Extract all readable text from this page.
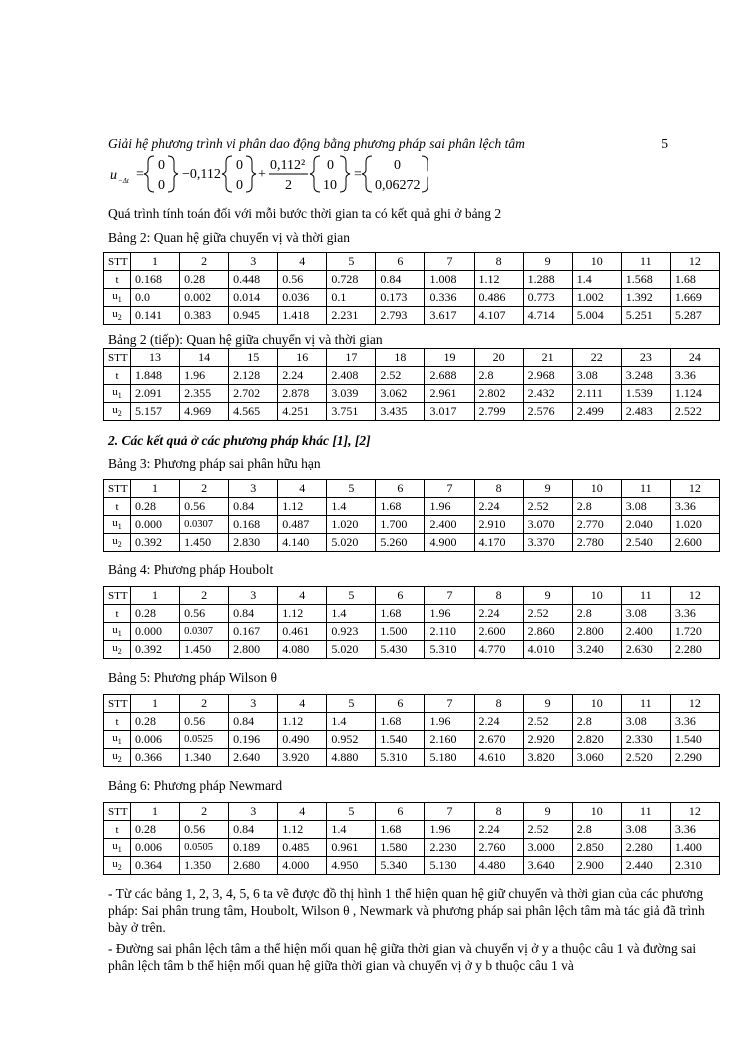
Giải hệ phương trình vi phân dao động bằng phương pháp sai phân lệch tâm	5
u −Δt =
0
0
−0,112
0
0
+
0,112²
2
0
10
=
0
0,06272
Quá trình tính toán đối với mỗi bước thời gian ta có kết quả ghi ở bảng 2
Bảng 2: Quan hệ giữa chuyển vị và thời gian
STT	1	2	3	4	5	6	7	8	9	10	11	12
t	0.168	0.28	0.448	0.56	0.728	0.84	1.008	1.12	1.288	1.4	1.568	1.68
$u_1$	0.0	0.002	0.014	0.036	0.1	0.173	0.336	0.486	0.773	1.002	1.392	1.669
$u_2$	0.141	0.383	0.945	1.418	2.231	2.793	3.617	4.107	4.714	5.004	5.251	5.287
Bảng 2 (tiếp): Quan hệ giữa chuyển vị và thời gian
STT	13	14	15	16	17	18	19	20	21	22	23	24
t	1.848	1.96	2.128	2.24	2.408	2.52	2.688	2.8	2.968	3.08	3.248	3.36
$u_1$	2.091	2.355	2.702	2.878	3.039	3.062	2.961	2.802	2.432	2.111	1.539	1.124
$u_2$	5.157	4.969	4.565	4.251	3.751	3.435	3.017	2.799	2.576	2.499	2.483	2.522
2. Các kết quả ở các phương pháp khác [1], [2]
Bảng 3: Phương pháp sai phân hữu hạn
STT	1	2	3	4	5	6	7	8	9	10	11	12
t	0.28	0.56	0.84	1.12	1.4	1.68	1.96	2.24	2.52	2.8	3.08	3.36
$u_1$	0.000	0.0307	0.168	0.487	1.020	1.700	2.400	2.910	3.070	2.770	2.040	1.020
$u_2$	0.392	1.450	2.830	4.140	5.020	5.260	4.900	4.170	3.370	2.780	2.540	2.600
Bảng 4: Phương pháp Houbolt
STT	1	2	3	4	5	6	7	8	9	10	11	12
t	0.28	0.56	0.84	1.12	1.4	1.68	1.96	2.24	2.52	2.8	3.08	3.36
$u_1$	0.000	0.0307	0.167	0.461	0.923	1.500	2.110	2.600	2.860	2.800	2.400	1.720
$u_2$	0.392	1.450	2.800	4.080	5.020	5.430	5.310	4.770	4.010	3.240	2.630	2.280
Bảng 5: Phương pháp Wilson θ
STT	1	2	3	4	5	6	7	8	9	10	11	12
t	0.28	0.56	0.84	1.12	1.4	1.68	1.96	2.24	2.52	2.8	3.08	3.36
$u_1$	0.006	0.0525	0.196	0.490	0.952	1.540	2.160	2.670	2.920	2.820	2.330	1.540
$u_2$	0.366	1.340	2.640	3.920	4.880	5.310	5.180	4.610	3.820	3.060	2.520	2.290
Bảng 6: Phương pháp Newmard
STT	1	2	3	4	5	6	7	8	9	10	11	12
t	0.28	0.56	0.84	1.12	1.4	1.68	1.96	2.24	2.52	2.8	3.08	3.36
$u_1$	0.006	0.0505	0.189	0.485	0.961	1.580	2.230	2.760	3.000	2.850	2.280	1.400
$u_2$	0.364	1.350	2.680	4.000	4.950	5.340	5.130	4.480	3.640	2.900	2.440	2.310
- Từ các bảng 1, 2, 3, 4, 5, 6 ta vẽ được đồ thị hình 1 thể hiện quan hệ giữ chuyển và thời gian của các phương pháp: Sai phân trung tâm, Houbolt, Wilson θ , Newmark và phương pháp sai phân lệch tâm mà tác giả đã trình bày ở trên.
- Đường sai phân lệch tâm a thể hiện mối quan hệ giữa thời gian và chuyển vị ở y a thuộc câu 1 và đường sai phân lệch tâm b thể hiện mối quan hệ giữa thời gian và chuyển vị ở y b thuộc câu 1 và
